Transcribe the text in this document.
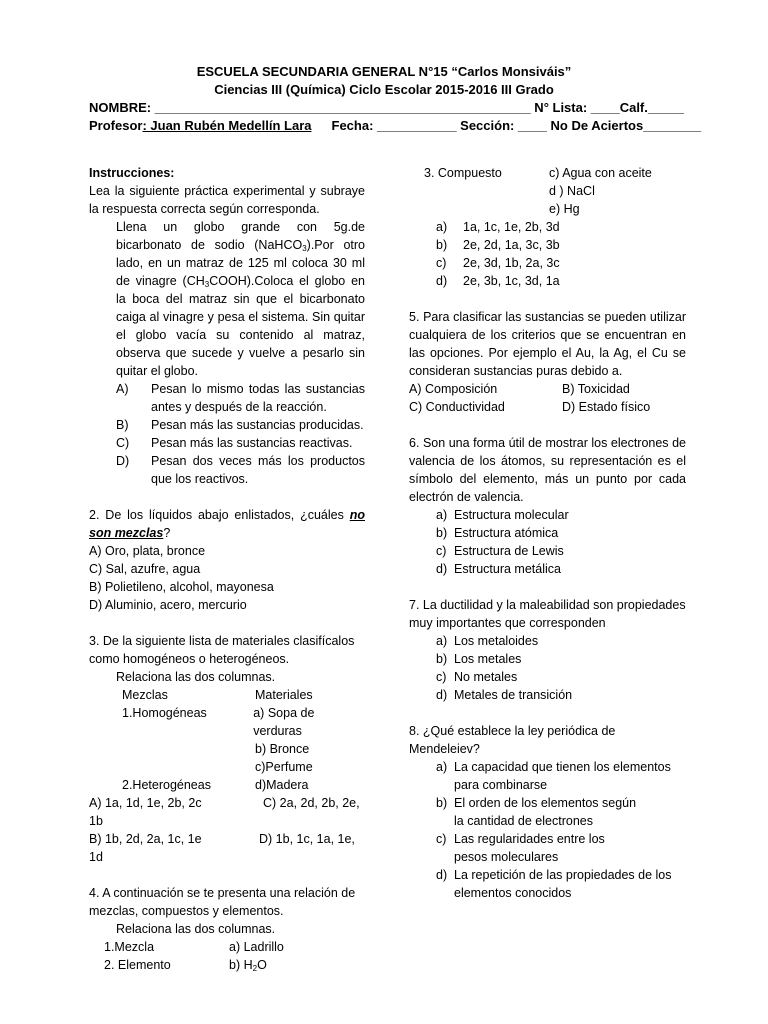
ESCUELA SECUNDARIA GENERAL N°15 “Carlos Monsiváis”
Ciencias III (Química) Ciclo Escolar 2015-2016 III Grado
NOMBRE: ____________________________________________________ N° Lista: ____Calf._____
Profesor: Juan Rubén Medellín Lara Fecha: ___________ Sección: ____ No De Aciertos________

Instrucciones:

Lea la siguiente práctica experimental y subraye la respuesta correcta según corresponda.

Llena un globo grande con 5g.de bicarbonato de sodio (NaHCO$_3$).Por otro lado, en un matraz de 125 ml coloca 30 ml de vinagre $(CH_3COOH).Coloca$ el globo en la boca del matraz sin que el bicarbonato caiga al vinagre y pesa el sistema. Sin quitar el globo vacía su contenido al matraz, observa que sucede y vuelve a pesarlo sin quitar el globo.

A)	Pesan lo mismo todas las sustancias antes y después de la reacción.
B)	Pesan más las sustancias producidas.
C)	Pesan más las sustancias reactivas.
D)	Pesan dos veces más los productos que los reactivos.

2. De los líquidos abajo enlistados, ¿cuáles no son mezclas?

A) Oro, plata, bronce

C) Sal, azufre, agua

B) Polietileno, alcohol, mayonesa

D) Aluminio, acero, mercurio

3. De la siguiente lista de materiales clasifícalos como homogéneos o heterogéneos.

Relaciona las dos columnas.

Mezclas	Materiales
1.Homogéneas	a) Sopa de verduras
b) Bronce
c)Perfume
2.Heterogéneas	d)Madera
A) 1a, 1d, 1e, 2b, 2c	C) 2a, 2d, 2b, 2e,

1b

B) 1b, 2d, 2a, 1c, 1e	D) 1b, 1c, 1a, 1e,

1d

4. A continuación se te presenta una relación de mezclas, compuestos y elementos.

Relaciona las dos columnas.

1.Mezcla	a) Ladrillo
2. Elemento	b) $H_2O$
3. Compuesto	c) Agua con aceite

d ) NaCl

e) Hg

a)	1a, 1c, 1e, 2b, 3d
b)	2e, 2d, 1a, 3c, 3b
c)	2e, 3d, 1b, 2a, 3c
d)	2e, 3b, 1c, 3d, 1a

5. Para clasificar las sustancias se pueden utilizar cualquiera de los criterios que se encuentran en las opciones. Por ejemplo el Au, la Ag, el Cu se consideran sustancias puras debido a.

A) Composición	B) Toxicidad
C) Conductividad	D) Estado físico

6. Son una forma útil de mostrar los electrones de valencia de los átomos, su representación es el símbolo del elemento, más un punto por cada electrón de valencia.

a) Estructura molecular
b) Estructura atómica
c) Estructura de Lewis
d) Estructura metálica

7. La ductilidad y la maleabilidad son propiedades muy importantes que corresponden

a) Los metaloides
b) Los metales
c) No metales
d) Metales de transición

8. ¿Qué establece la ley periódica de Mendeleiev?

a) La capacidad que tienen los elementos para combinarse
b) El orden de los elementos según la cantidad de electrones
c) Las regularidades entre los pesos moleculares
d) La repetición de las propiedades de los elementos conocidos
